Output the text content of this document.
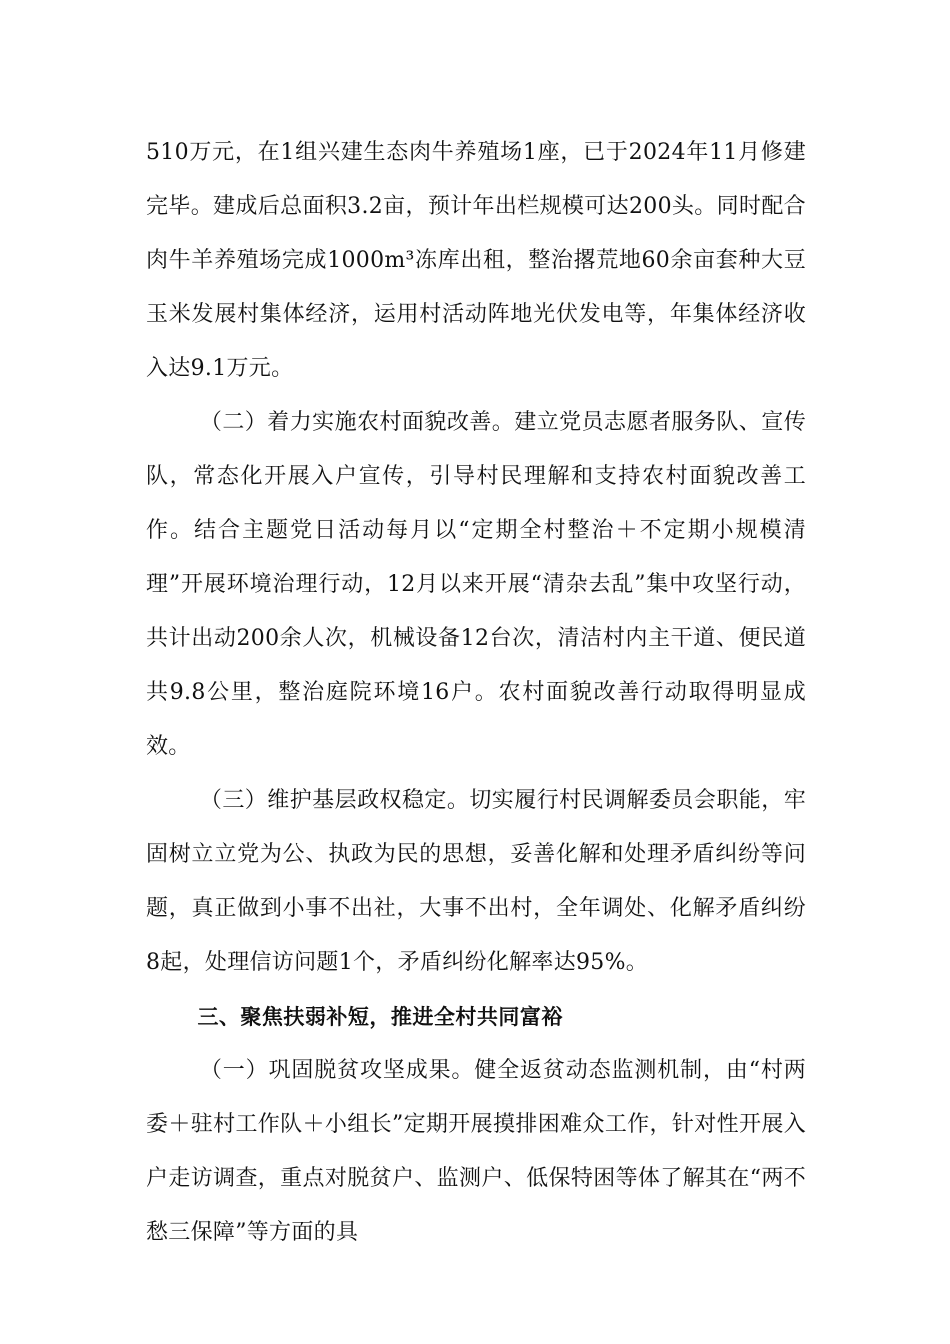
510万元，在1组兴建生态肉牛养殖场1座，已于2024年11月修建完毕。建成后总面积3.2亩，预计年出栏规模可达200头。同时配合肉牛羊养殖场完成1000m³冻库出租，整治撂荒地60余亩套种大豆玉米发展村集体经济，运用村活动阵地光伏发电等，年集体经济收入达9.1万元。

（二）着力实施农村面貌改善。建立党员志愿者服务队、宣传队，常态化开展入户宣传，引导村民理解和支持农村面貌改善工作。结合主题党日活动每月以“定期全村整治＋不定期小规模清理”开展环境治理行动，12月以来开展“清杂去乱”集中攻坚行动，共计出动200余人次，机械设备12台次，清洁村内主干道、便民道共9.8公里，整治庭院环境16户。农村面貌改善行动取得明显成效。

（三）维护基层政权稳定。切实履行村民调解委员会职能，牢固树立立党为公、执政为民的思想，妥善化解和处理矛盾纠纷等问题，真正做到小事不出社，大事不出村，全年调处、化解矛盾纠纷8起，处理信访问题1个，矛盾纠纷化解率达95%。

三、聚焦扶弱补短，推进全村共同富裕

（一）巩固脱贫攻坚成果。健全返贫动态监测机制，由“村两委＋驻村工作队＋小组长”定期开展摸排困难众工作，针对性开展入户走访调查，重点对脱贫户、监测户、低保特困等体了解其在“两不愁三保障”等方面的具
